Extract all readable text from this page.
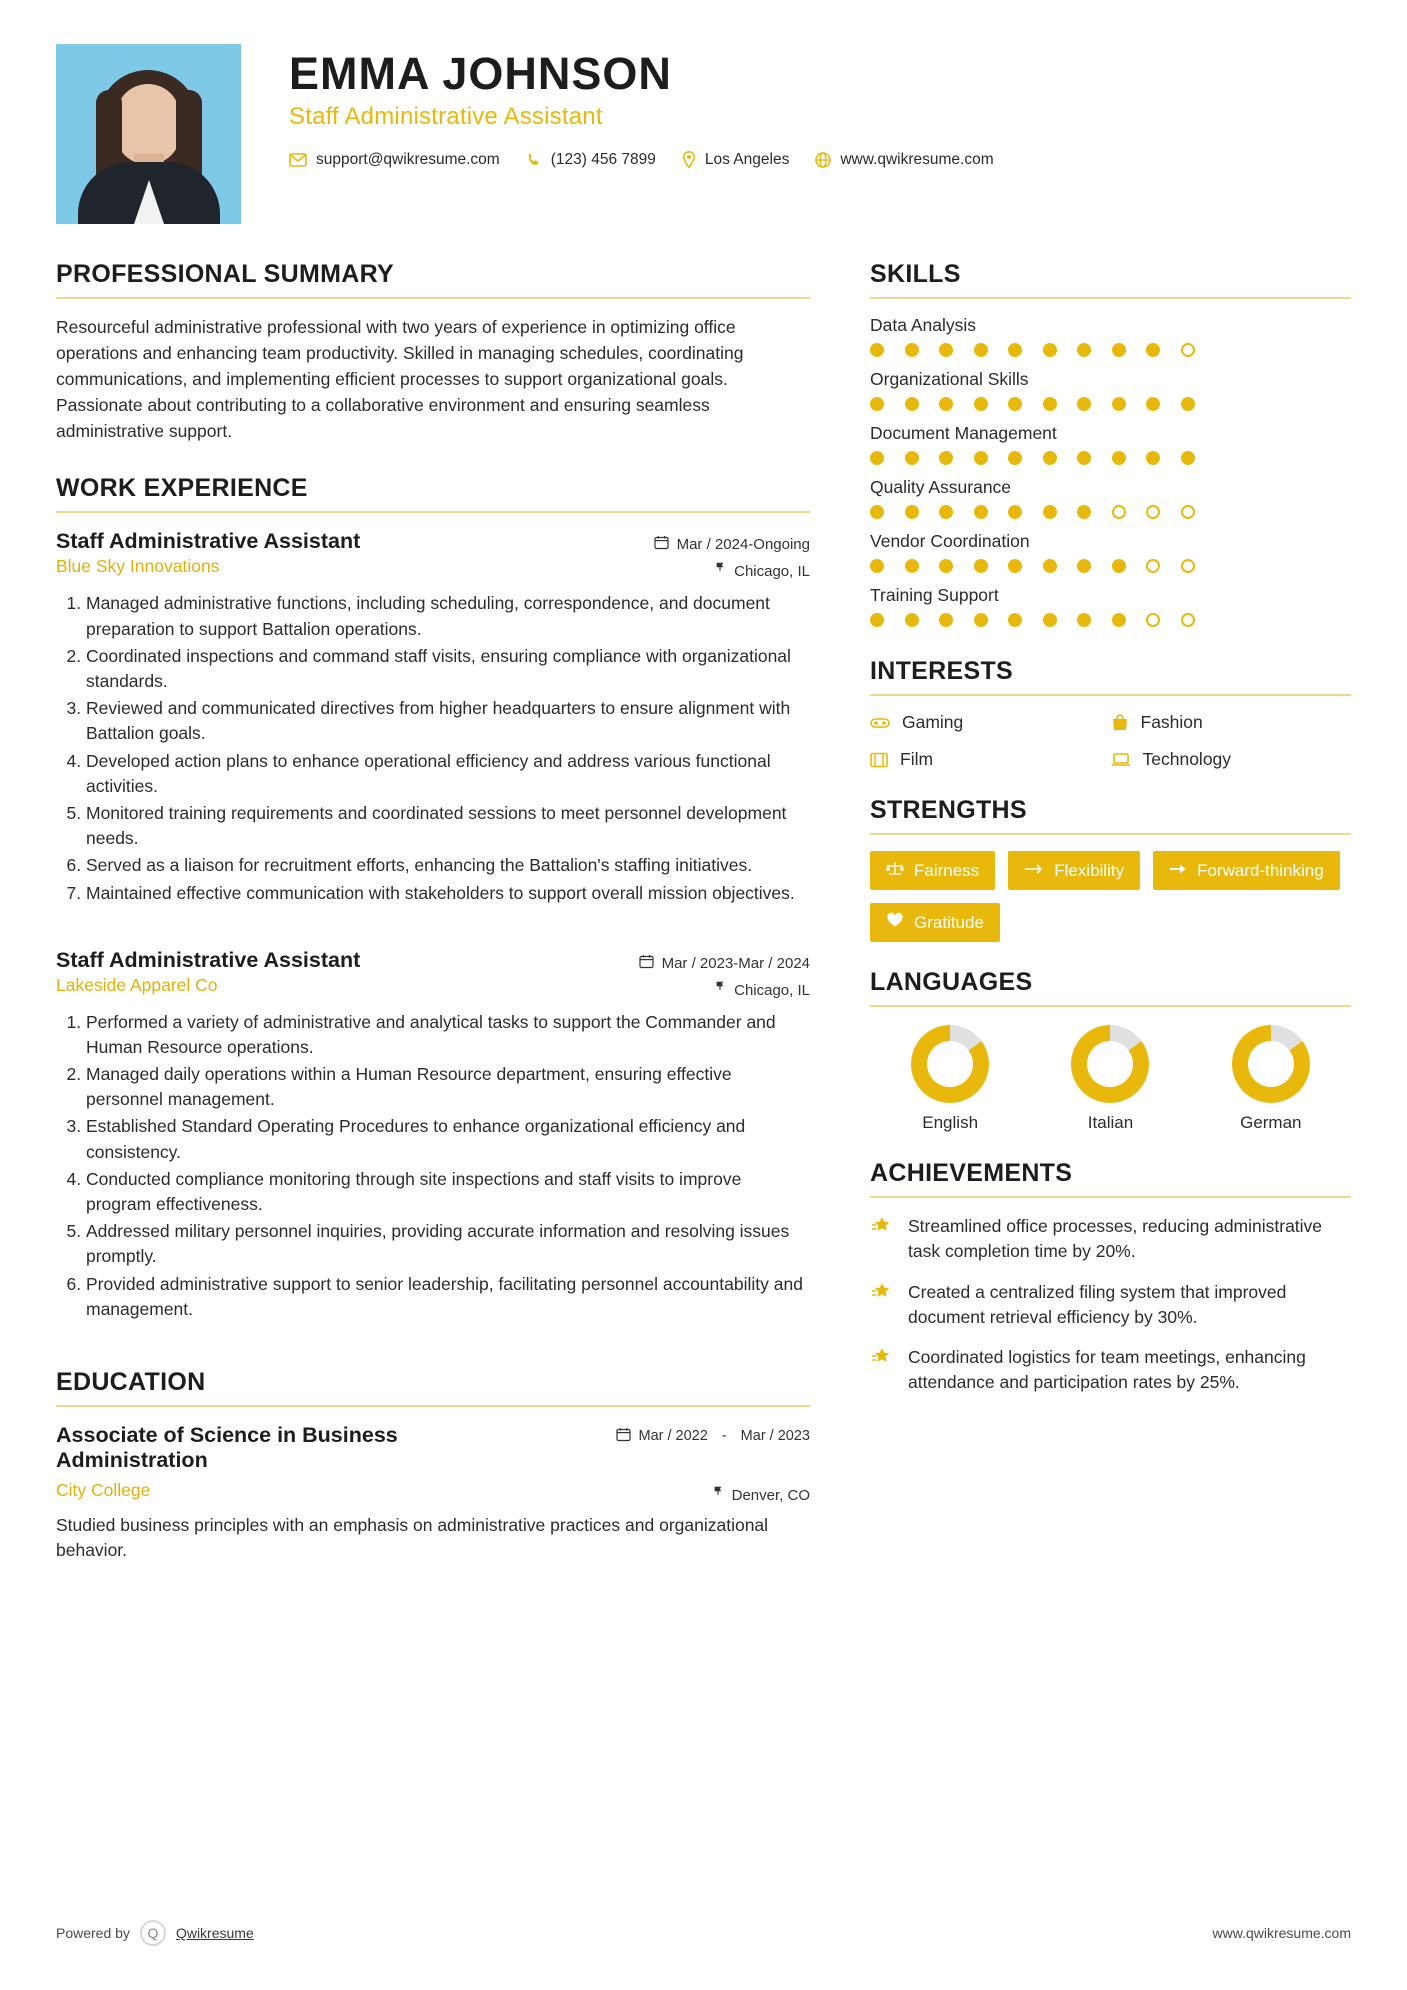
EMMA JOHNSON
Staff Administrative Assistant
support@qwikresume.com	(123) 456 7899	Los Angeles	www.qwikresume.com
PROFESSIONAL SUMMARY

Resourceful administrative professional with two years of experience in optimizing office operations and enhancing team productivity. Skilled in managing schedules, coordinating communications, and implementing efficient processes to support organizational goals. Passionate about contributing to a collaborative environment and ensuring seamless administrative support.

WORK EXPERIENCE
Staff Administrative Assistant	Mar / 2024-Ongoing
Blue Sky Innovations	Chicago, IL
1. Managed administrative functions, including scheduling, correspondence, and document preparation to support Battalion operations.
2. Coordinated inspections and command staff visits, ensuring compliance with organizational standards.
3. Reviewed and communicated directives from higher headquarters to ensure alignment with Battalion goals.
4. Developed action plans to enhance operational efficiency and address various functional activities.
5. Monitored training requirements and coordinated sessions to meet personnel development needs.
6. Served as a liaison for recruitment efforts, enhancing the Battalion's staffing initiatives.
7. Maintained effective communication with stakeholders to support overall mission objectives.
Staff Administrative Assistant	Mar / 2023-Mar / 2024
Lakeside Apparel Co	Chicago, IL
1. Performed a variety of administrative and analytical tasks to support the Commander and Human Resource operations.
2. Managed daily operations within a Human Resource department, ensuring effective personnel management.
3. Established Standard Operating Procedures to enhance organizational efficiency and consistency.
4. Conducted compliance monitoring through site inspections and staff visits to improve program effectiveness.
5. Addressed military personnel inquiries, providing accurate information and resolving issues promptly.
6. Provided administrative support to senior leadership, facilitating personnel accountability and management.
EDUCATION
Associate of Science in Business Administration
Mar / 2022 - Mar / 2023
City College	Denver, CO
Studied business principles with an emphasis on administrative practices and organizational behavior.
SKILLS
Data Analysis
Organizational Skills
Document Management
Quality Assurance
Vendor Coordination
Training Support
INTERESTS
Gaming	Fashion
Film	Technology
STRENGTHS
Fairness	Flexibility	Forward-thinking
Gratitude
LANGUAGES
English	Italian	German
ACHIEVEMENTS
Streamlined office processes, reducing administrative task completion time by 20%.
Created a centralized filing system that improved document retrieval efficiency by 30%.
Coordinated logistics for team meetings, enhancing attendance and participation rates by 25%.
Powered by	Q	Qwikresume	www.qwikresume.com
